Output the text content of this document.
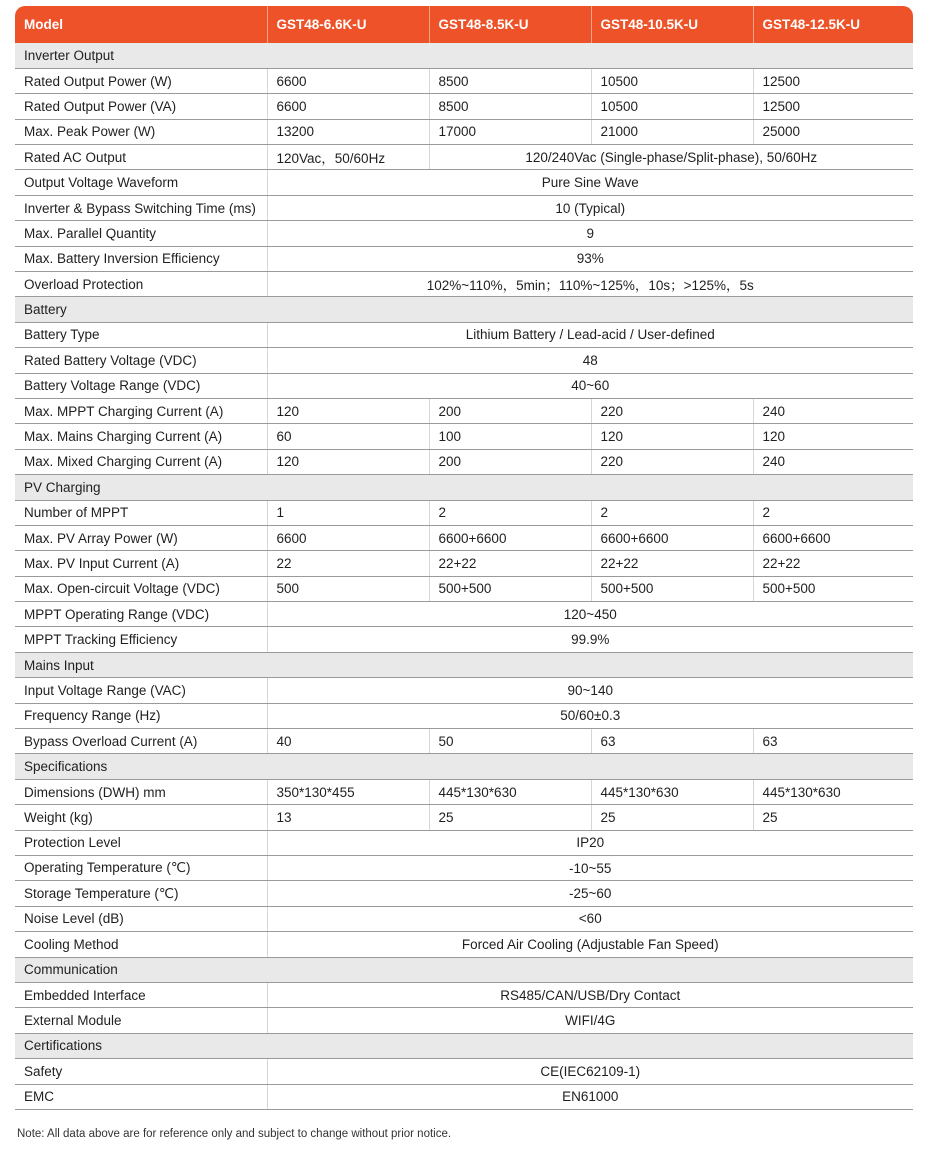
Model	GST48-6.6K-U	GST48-8.5K-U	GST48-10.5K-U	GST48-12.5K-U
Inverter Output				
Rated Output Power (W)	6600	8500	10500	12500
Rated Output Power (VA)	6600	8500	10500	12500
Max. Peak Power (W)	13200	17000	21000	25000
Rated AC Output	120Vac，50/60Hz	120/240Vac (Single-phase/Split-phase), 50/60Hz		
Output Voltage Waveform	Pure Sine Wave			
Inverter & Bypass Switching Time (ms)	10 (Typical)			
Max. Parallel Quantity	9			
Max. Battery Inversion Efficiency	93%			
Overload Protection	102%~110%，5min；110%~125%，10s；>125%，5s			
Battery				
Battery Type	Lithium Battery / Lead-acid / User-defined			
Rated Battery Voltage (VDC)	48			
Battery Voltage Range (VDC)	40~60			
Max. MPPT Charging Current (A)	120	200	220	240
Max. Mains Charging Current (A)	60	100	120	120
Max. Mixed Charging Current (A)	120	200	220	240
PV Charging				
Number of MPPT	1	2	2	2
Max. PV Array Power (W)	6600	6600+6600	6600+6600	6600+6600
Max. PV Input Current (A)	22	22+22	22+22	22+22
Max. Open-circuit Voltage (VDC)	500	500+500	500+500	500+500
MPPT Operating Range (VDC)	120~450			
MPPT Tracking Efficiency	99.9%			
Mains Input				
Input Voltage Range (VAC)	90~140			
Frequency Range (Hz)	50/60±0.3			
Bypass Overload Current (A)	40	50	63	63
Specifications				
Dimensions (DWH) mm	350*130*455	445*130*630	445*130*630	445*130*630
Weight (kg)	13	25	25	25
Protection Level	IP20			
Operating Temperature (℃)	-10~55			
Storage Temperature (℃)	-25~60			
Noise Level (dB)	<60			
Cooling Method	Forced Air Cooling (Adjustable Fan Speed)			
Communication				
Embedded Interface	RS485/CAN/USB/Dry Contact			
External Module	WIFI/4G			
Certifications				
Safety	CE(IEC62109-1)			
EMC	EN61000			
Note: All data above are for reference only and subject to change without prior notice.
